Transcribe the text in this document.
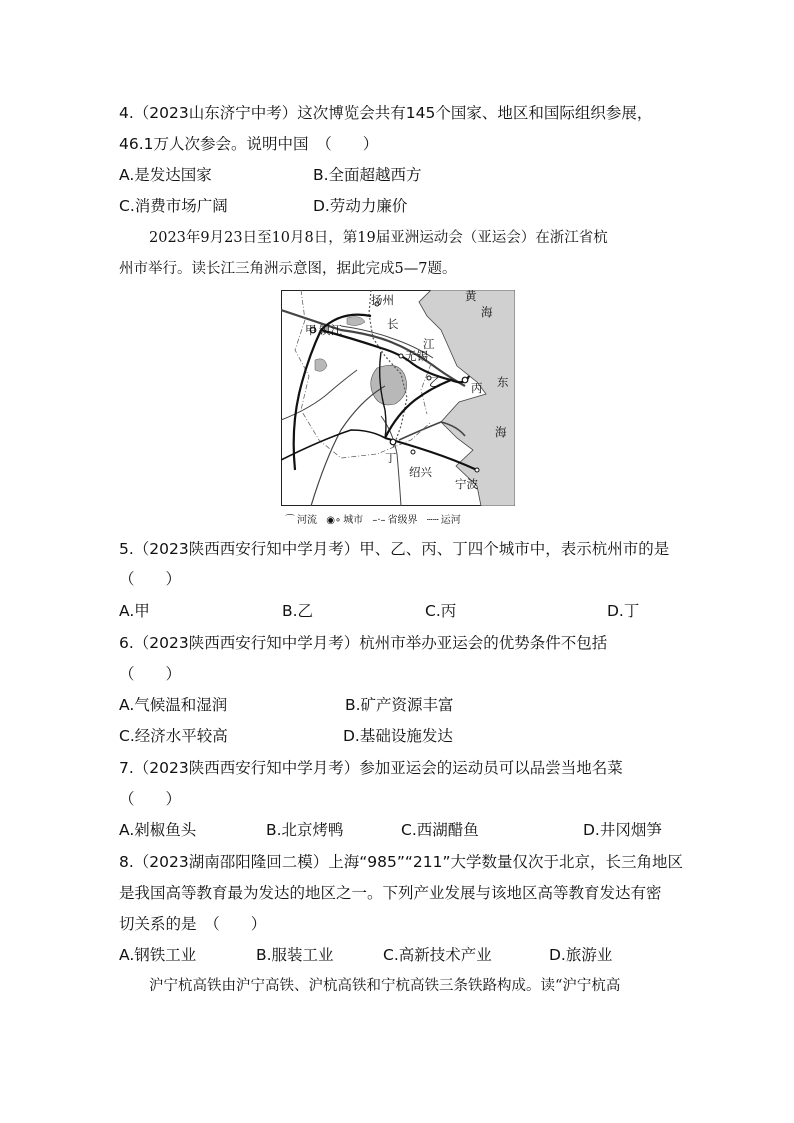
4.（2023山东济宁中考）这次博览会共有145个国家、地区和国际组织参展，
46.1万人次参会。说明中国　（　　）
A.是发达国家	B.全面超越西方
C.消费市场广阔	D.劳动力廉价
2023年9月23日至10月8日，第19届亚洲运动会（亚运会）在浙江省杭
州市举行。读长江三角洲示意图，据此完成5—7题。
扬州	黄
海
甲 镇江	长
江
无锡
乙	丙 东
海
丁
绍兴
宁波
⌒ 河流 ◉∘ 城市 –·– 省级界 ┄┄ 运河
5.（2023陕西西安行知中学月考）甲、乙、丙、丁四个城市中，表示杭州市的是
（　　）
A.甲	B.乙	C.丙	D.丁
6.（2023陕西西安行知中学月考）杭州市举办亚运会的优势条件不包括
（　　）
A.气候温和湿润	B.矿产资源丰富
C.经济水平较高	D.基础设施发达
7.（2023陕西西安行知中学月考）参加亚运会的运动员可以品尝当地名菜
（　　）
A.剁椒鱼头	B.北京烤鸭	C.西湖醋鱼	D.井冈烟笋
8.（2023湖南邵阳隆回二模）上海“985”“211”大学数量仅次于北京，长三角地区
是我国高等教育最为发达的地区之一。下列产业发展与该地区高等教育发达有密
切关系的是　（　　）
A.钢铁工业	B.服装工业	C.高新技术产业	D.旅游业
沪宁杭高铁由沪宁高铁、沪杭高铁和宁杭高铁三条铁路构成。读“沪宁杭高
